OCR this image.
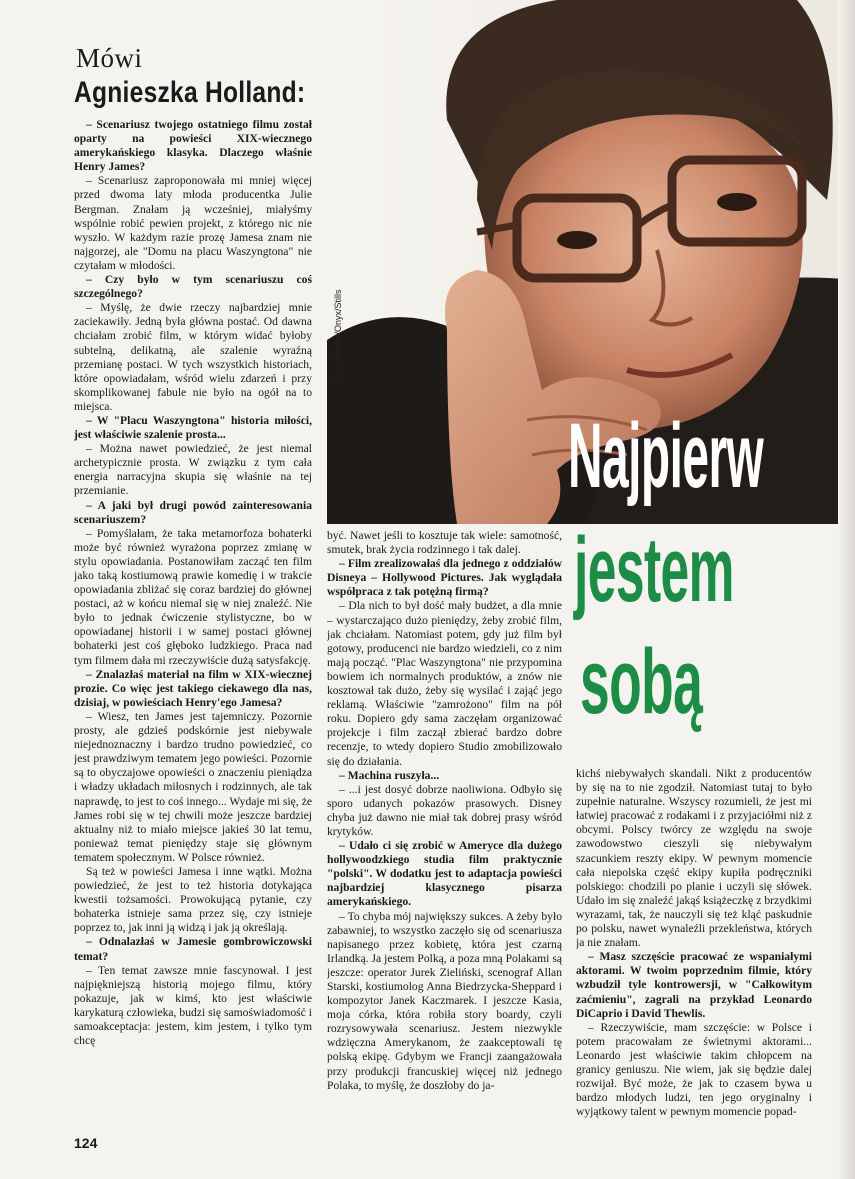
Mówi
Agnieszka Holland:

– Scenariusz twojego ostatniego filmu został oparty na powieści XIX-wiecznego amerykańskiego klasyka. Dlaczego właśnie Henry James?

– Scenariusz zaproponowała mi mniej więcej przed dwoma laty młoda producentka Julie Bergman. Znałam ją wcześniej, miałyśmy wspólnie robić pewien projekt, z którego nic nie wyszło. W każdym razie prozę Jamesa znam nie najgorzej, ale "Domu na placu Waszyngtona" nie czytałam w młodości.

– Czy było w tym scenariuszu coś szczególnego?

– Myślę, że dwie rzeczy najbardziej mnie zaciekawiły. Jedną była główna postać. Od dawna chciałam zrobić film, w którym widać byłoby subtelną, delikatną, ale szalenie wyraźną przemianę postaci. W tych wszystkich historiach, które opowiadałam, wśród wielu zdarzeń i przy skomplikowanej fabule nie było na ogół na to miejsca.

– W "Placu Waszyngtona" historia miłości, jest właściwie szalenie prosta...

– Można nawet powiedzieć, że jest niemal archetypicznie prosta. W związku z tym cała energia narracyjna skupia się właśnie na tej przemianie.

– A jaki był drugi powód zainteresowania scenariuszem?

– Pomyślałam, że taka metamorfoza bohaterki może być również wyrażona poprzez zmianę w stylu opowiadania. Postanowiłam zacząć ten film jako taką kostiumową prawie komedię i w trakcie opowiadania zbliżać się coraz bardziej do głównej postaci, aż w końcu niemal się w niej znaleźć. Nie było to jednak ćwiczenie stylistyczne, bo w opowiadanej historii i w samej postaci głównej bohaterki jest coś głęboko ludzkiego. Praca nad tym filmem dała mi rzeczywiście dużą satysfakcję.

– Znalazłaś materiał na film w XIX-wiecznej prozie. Co więc jest takiego ciekawego dla nas, dzisiaj, w powieściach Henry'ego Jamesa?

– Wiesz, ten James jest tajemniczy. Pozornie prosty, ale gdzieś podskórnie jest niebywale niejednoznaczny i bardzo trudno powiedzieć, co jest prawdziwym tematem jego powieści. Pozornie są to obyczajowe opowieści o znaczeniu pieniądza i władzy układach miłosnych i rodzinnych, ale tak naprawdę, to jest to coś innego... Wydaje mi się, że James robi się w tej chwili może jeszcze bardziej aktualny niż to miało miejsce jakieś 30 lat temu, ponieważ temat pieniędzy staje się głównym tematem społecznym. W Polsce również.

Są też w powieści Jamesa i inne wątki. Można powiedzieć, że jest to też historia dotykająca kwestii tożsamości. Prowokującą pytanie, czy bohaterka istnieje sama przez się, czy istnieje poprzez to, jak inni ją widzą i jak ją określają.

– Odnalazłaś w Jamesie gombrowiczowski temat?

– Ten temat zawsze mnie fascynował. I jest najpiękniejszą historią mojego filmu, który pokazuje, jak w kimś, kto jest właściwie karykaturą człowieka, budzi się samoświadomość i samoakceptacja: jestem, kim jestem, i tylko tym chcę

Fot. Holland/Onyx/Stills
Najpierw
jestem
sobą

być. Nawet jeśli to kosztuje tak wiele: samotność, smutek, brak życia rodzinnego i tak dalej.

– Film zrealizowałaś dla jednego z oddziałów Disneya – Hollywood Pictures. Jak wyglądała współpraca z tak potężną firmą?

– Dla nich to był dość mały budżet, a dla mnie – wystarczająco dużo pieniędzy, żeby zrobić film, jak chciałam. Natomiast potem, gdy już film był gotowy, producenci nie bardzo wiedzieli, co z nim mają począć. "Plac Waszyngtona" nie przypomina bowiem ich normalnych produktów, a znów nie kosztował tak dużo, żeby się wysilać i zająć jego reklamą. Właściwie "zamrożono" film na pół roku. Dopiero gdy sama zaczęłam organizować projekcje i film zaczął zbierać bardzo dobre recenzje, to wtedy dopiero Studio zmobilizowało się do działania.

– Machina ruszyła...

– ...i jest dosyć dobrze naoliwiona. Odbyło się sporo udanych pokazów prasowych. Disney chyba już dawno nie miał tak dobrej prasy wśród krytyków.

– Udało ci się zrobić w Ameryce dla dużego hollywoodzkiego studia film praktycznie "polski". W dodatku jest to adaptacja powieści najbardziej klasycznego pisarza amerykańskiego.

– To chyba mój największy sukces. A żeby było zabawniej, to wszystko zaczęło się od scenariusza napisanego przez kobietę, która jest czarną Irlandką. Ja jestem Polką, a poza mną Polakami są jeszcze: operator Jurek Zieliński, scenograf Allan Starski, kostiumolog Anna Biedrzycka-Sheppard i kompozytor Janek Kaczmarek. I jeszcze Kasia, moja córka, która robiła story boardy, czyli rozrysowywała scenariusz. Jestem niezwykle wdzięczna Amerykanom, że zaakceptowali tę polską ekipę. Gdybym we Francji zaangażowała przy produkcji francuskiej więcej niż jednego Polaka, to myślę, że doszłoby do ja-

kichś niebywałych skandali. Nikt z producentów by się na to nie zgodził. Natomiast tutaj to było zupełnie naturalne. Wszyscy rozumieli, że jest mi łatwiej pracować z rodakami i z przyjaciółmi niż z obcymi. Polscy twórcy ze względu na swoje zawodowstwo cieszyli się niebywałym szacunkiem reszty ekipy. W pewnym momencie cała niepolska część ekipy kupiła podręczniki polskiego: chodzili po planie i uczyli się słówek. Udało im się znaleźć jakąś książeczkę z brzydkimi wyrazami, tak, że nauczyli się też kląć paskudnie po polsku, nawet wynaleźli przekleństwa, których ja nie znałam.

– Masz szczęście pracować ze wspaniałymi aktorami. W twoim poprzednim filmie, który wzbudził tyle kontrowersji, w "Całkowitym zaćmieniu", zagrali na przykład Leonardo DiCaprio i David Thewlis.

– Rzeczywiście, mam szczęście: w Polsce i potem pracowałam ze świetnymi aktorami... Leonardo jest właściwie takim chłopcem na granicy geniuszu. Nie wiem, jak się będzie dalej rozwijał. Być może, że jak to czasem bywa u bardzo młodych ludzi, ten jego oryginalny i wyjątkowy talent w pewnym momencie popad-

124
